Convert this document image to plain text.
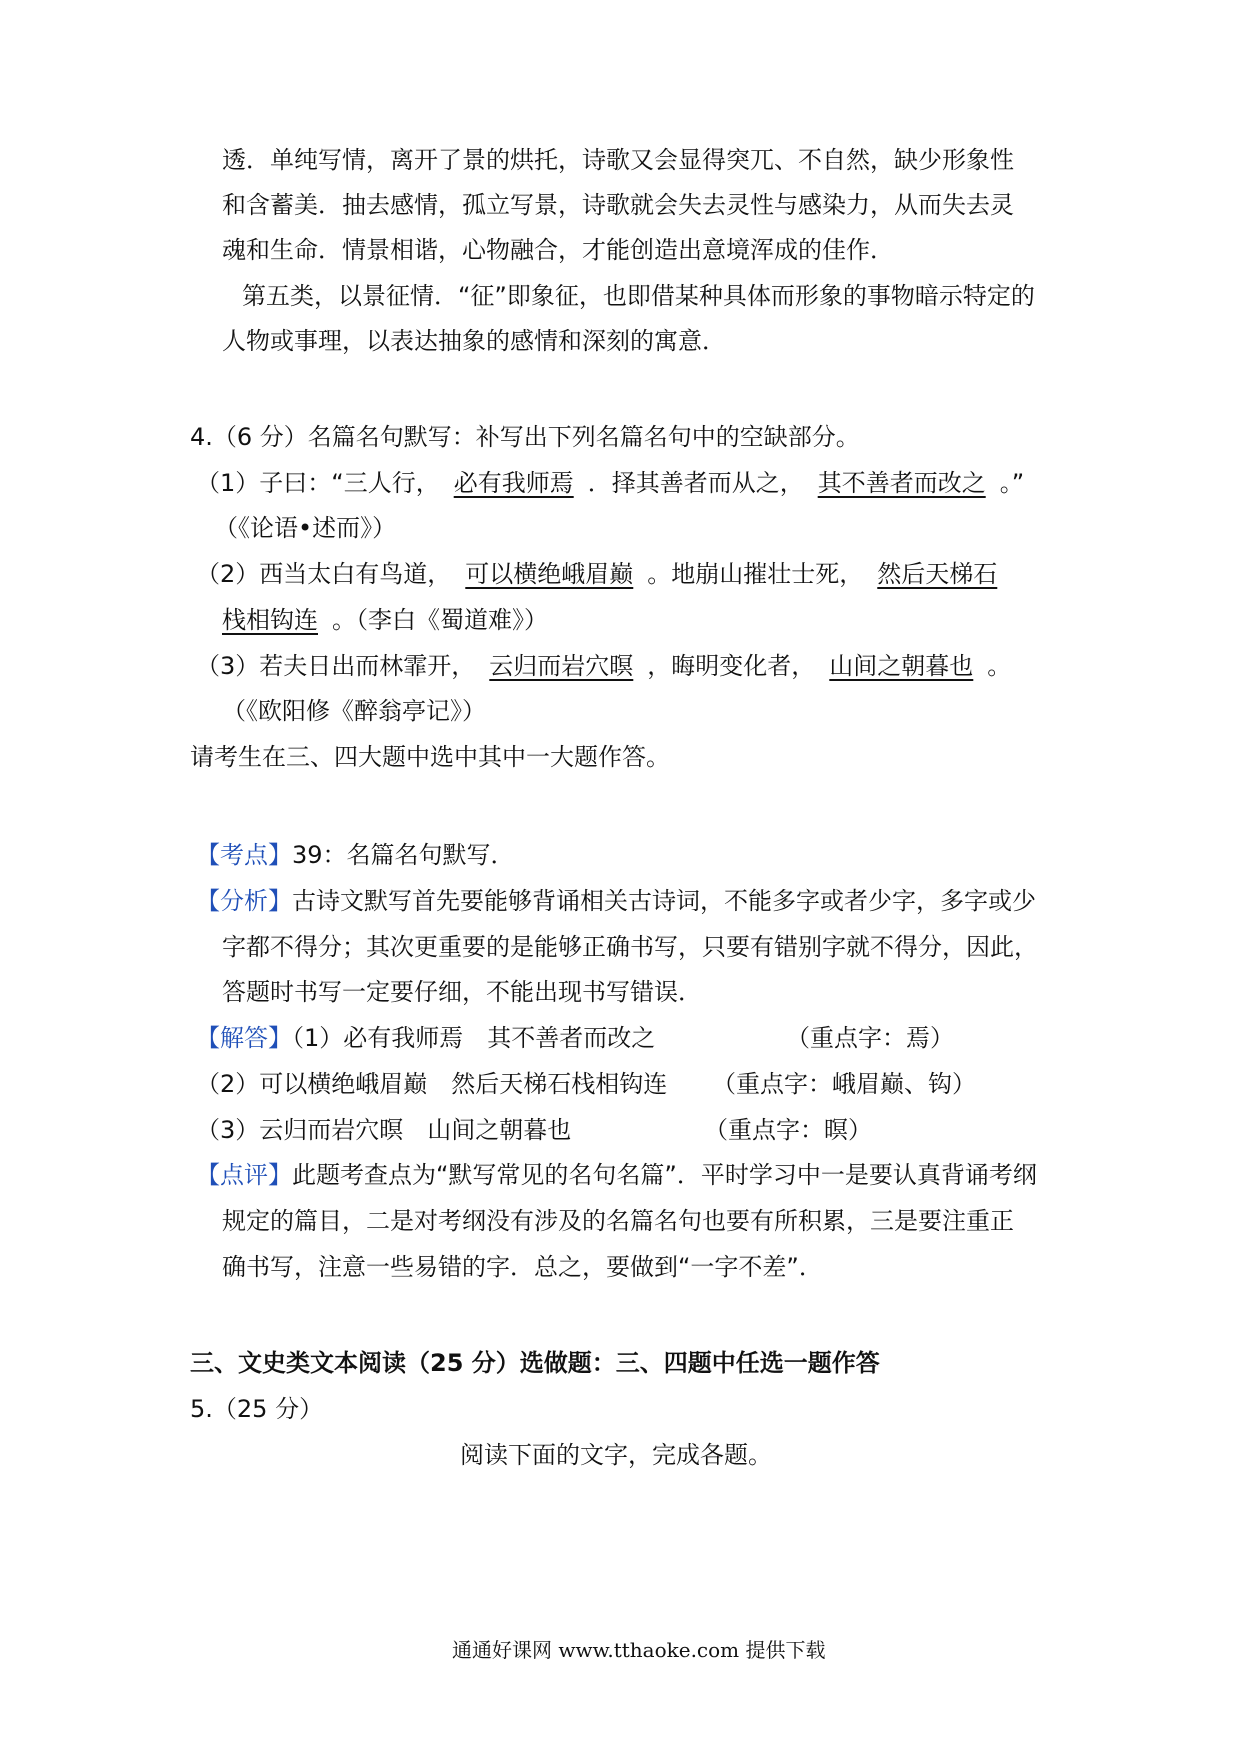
透．单纯写情，离开了景的烘托，诗歌又会显得突兀、不自然，缺少形象性
和含蓄美．抽去感情，孤立写景，诗歌就会失去灵性与感染力，从而失去灵
魂和生命．情景相谐，心物融合，才能创造出意境浑成的佳作．
第五类，以景征情．“征”即象征，也即借某种具体而形象的事物暗示特定的
人物或事理，以表达抽象的感情和深刻的寓意．
4.（6 分）名篇名句默写：补写出下列名篇名句中的空缺部分。
（1）子曰：“三人行， 必有我师焉 ．择其善者而从之， 其不善者而改之 。”
（《论语•述而》）
（2）西当太白有鸟道， 可以横绝峨眉巅 。地崩山摧壮士死， 然后天梯石
栈相钩连 。（李白《蜀道难》）
（3）若夫日出而林霏开， 云归而岩穴暝 ，晦明变化者， 山间之朝暮也 。
（《欧阳修《醉翁亭记》）
请考生在三、四大题中选中其中一大题作答。
【考点】39：名篇名句默写．
【分析】古诗文默写首先要能够背诵相关古诗词，不能多字或者少字，多字或少
字都不得分；其次更重要的是能够正确书写，只要有错别字就不得分，因此，
答题时书写一定要仔细，不能出现书写错误．
【解答】（1）必有我师焉　其不善者而改之	（重点字：焉）
（2）可以横绝峨眉巅　然后天梯石栈相钩连 （重点字：峨眉巅、钩）
（3）云归而岩穴暝　山间之朝暮也	（重点字：暝）
【点评】此题考查点为“默写常见的名句名篇”．平时学习中一是要认真背诵考纲
规定的篇目，二是对考纲没有涉及的名篇名句也要有所积累，三是要注重正
确书写，注意一些易错的字．总之，要做到“一字不差”．
三、文史类文本阅读（25 分）选做题：三、四题中任选一题作答
5.（25 分）
阅读下面的文字，完成各题。
通通好课网 www.tthaoke.com 提供下载
